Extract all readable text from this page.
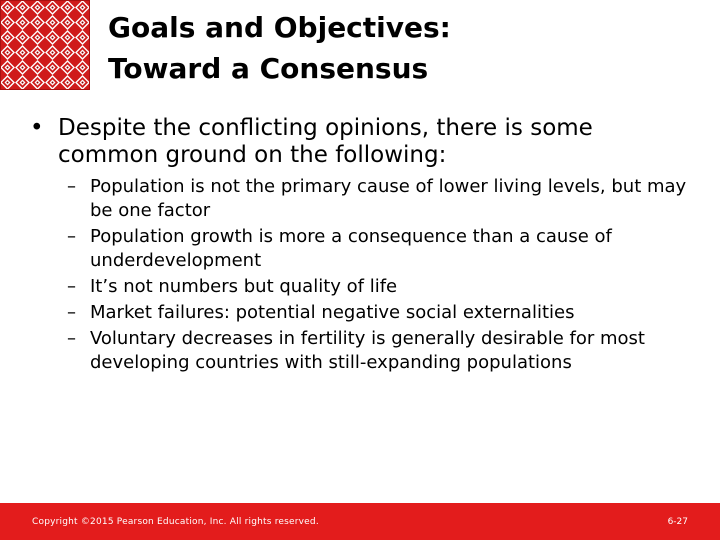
Goals and Objectives:
Toward a Consensus
• Despite the conflicting opinions, there is some common ground on the following:
– Population is not the primary cause of lower living levels, but may be one factor
– Population growth is more a consequence than a cause of underdevelopment
– It’s not numbers but quality of life
– Market failures: potential negative social externalities
– Voluntary decreases in fertility is generally desirable for most developing countries with still-expanding populations
Copyright ©2015 Pearson Education, Inc. All rights reserved.	6-27
